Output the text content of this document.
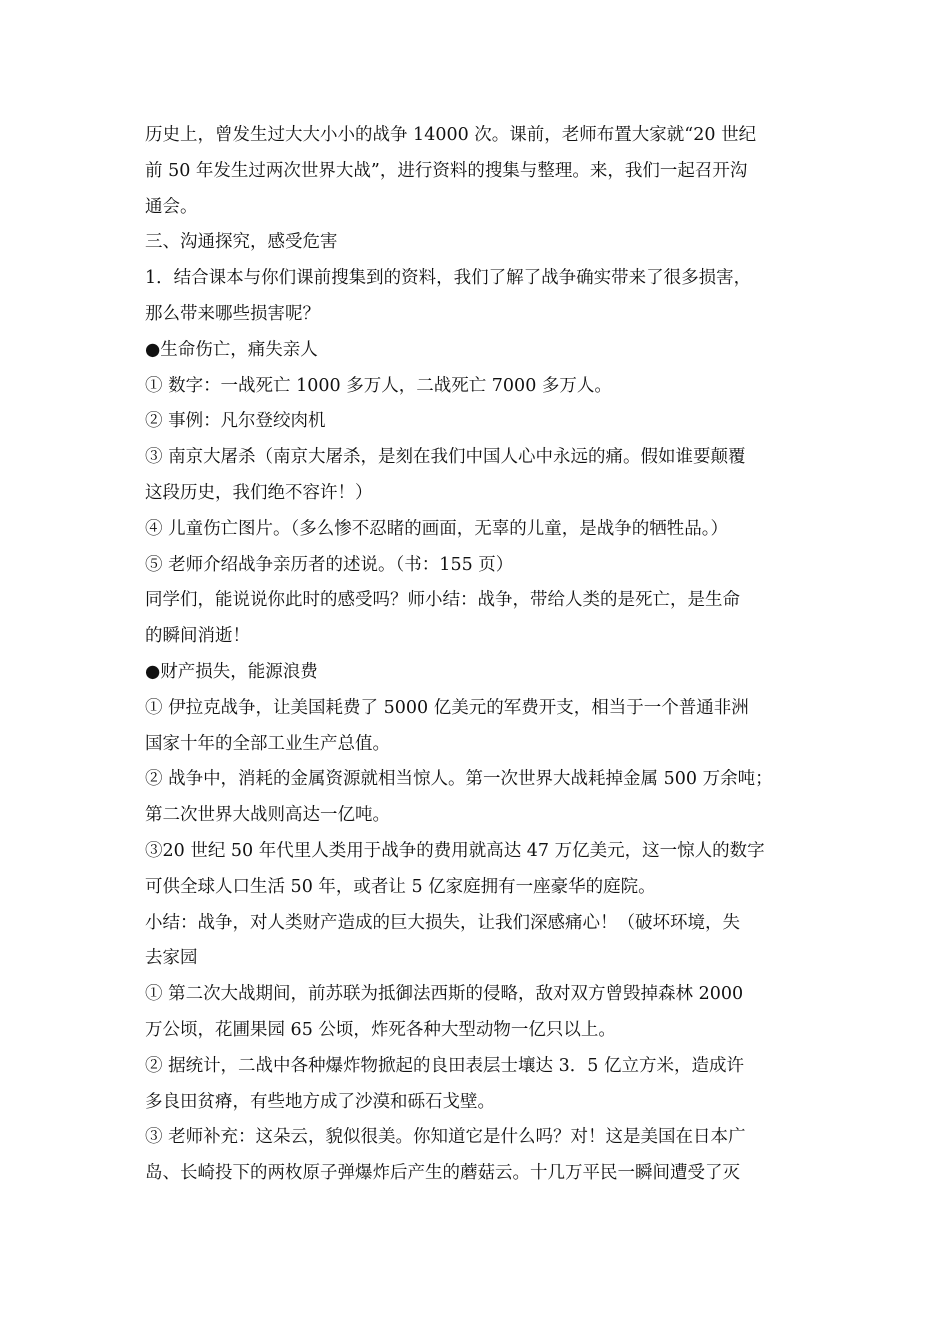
历史上，曾发生过大大小小的战争 14000 次。课前，老师布置大家就“20 世纪
前 50 年发生过两次世界大战”，进行资料的搜集与整理。来，我们一起召开沟
通会。
三、沟通探究，感受危害
1．结合课本与你们课前搜集到的资料，我们了解了战争确实带来了很多损害，
那么带来哪些损害呢？
●生命伤亡，痛失亲人
① 数字：一战死亡 1000 多万人，二战死亡 7000 多万人。
② 事例：凡尔登绞肉机
③ 南京大屠杀（南京大屠杀，是刻在我们中国人心中永远的痛。假如谁要颠覆
这段历史，我们绝不容许！）
④ 儿童伤亡图片。（多么惨不忍睹的画面，无辜的儿童，是战争的牺牲品。）
⑤ 老师介绍战争亲历者的述说。（书：155 页）
同学们，能说说你此时的感受吗？师小结：战争，带给人类的是死亡，是生命
的瞬间消逝！
●财产损失，能源浪费
① 伊拉克战争，让美国耗费了 5000 亿美元的军费开支，相当于一个普通非洲
国家十年的全部工业生产总值。
② 战争中，消耗的金属资源就相当惊人。第一次世界大战耗掉金属 500 万余吨；
第二次世界大战则高达一亿吨。
③20 世纪 50 年代里人类用于战争的费用就高达 47 万亿美元，这一惊人的数字
可供全球人口生活 50 年，或者让 5 亿家庭拥有一座豪华的庭院。
小结：战争，对人类财产造成的巨大损失，让我们深感痛心！（破坏环境，失
去家园
① 第二次大战期间，前苏联为抵御法西斯的侵略，敌对双方曾毁掉森林 2000
万公顷，花圃果园 65 公顷，炸死各种大型动物一亿只以上。
② 据统计，二战中各种爆炸物掀起的良田表层士壤达 3．5 亿立方米，造成许
多良田贫瘠，有些地方成了沙漠和砾石戈壁。
③ 老师补充：这朵云，貌似很美。你知道它是什么吗？对！这是美国在日本广
岛、长崎投下的两枚原子弹爆炸后产生的蘑菇云。十几万平民一瞬间遭受了灭
